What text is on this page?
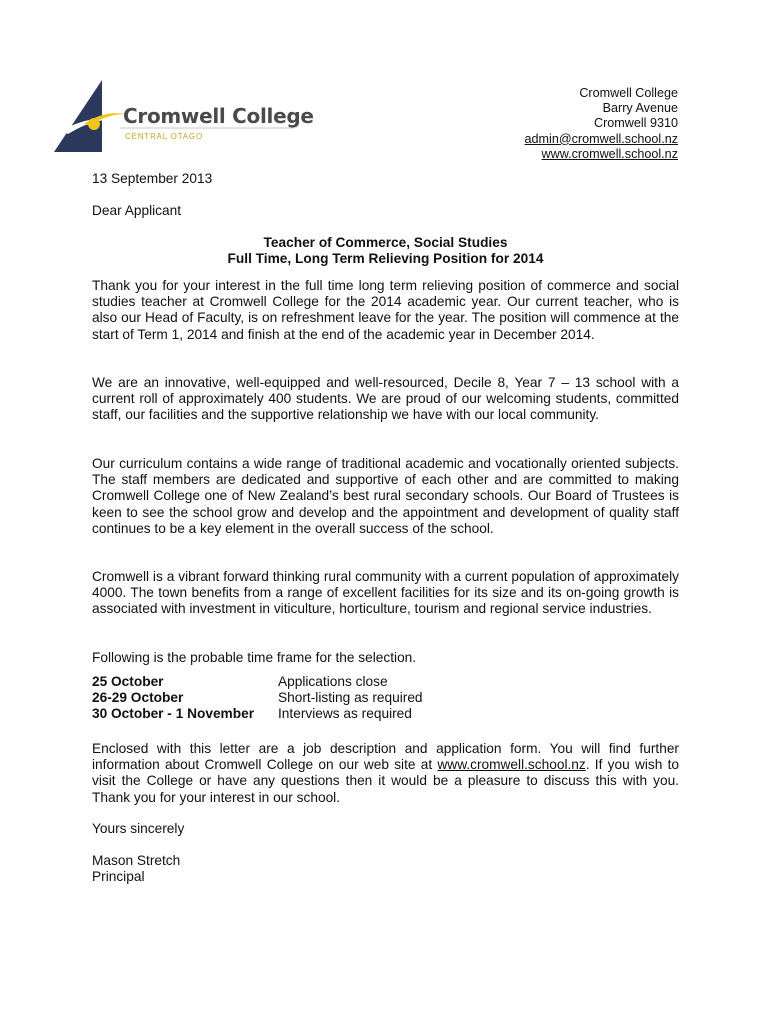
Cromwell College
CENTRAL OTAGO
Cromwell College
Barry Avenue
Cromwell 9310
admin@cromwell.school.nz
www.cromwell.school.nz
13 September 2013
Dear Applicant
Teacher of Commerce, Social Studies
Full Time, Long Term Relieving Position for 2014
Thank you for your interest in the full time long term relieving position of commerce and social studies teacher at Cromwell College for the 2014 academic year. Our current teacher, who is also our Head of Faculty, is on refreshment leave for the year. The position will commence at the start of Term 1, 2014 and finish at the end of the academic year in December 2014.
We are an innovative, well-equipped and well-resourced, Decile 8, Year 7 – 13 school with a current roll of approximately 400 students. We are proud of our welcoming students, committed staff, our facilities and the supportive relationship we have with our local community.
Our curriculum contains a wide range of traditional academic and vocationally oriented subjects. The staff members are dedicated and supportive of each other and are committed to making Cromwell College one of New Zealand’s best rural secondary schools. Our Board of Trustees is keen to see the school grow and develop and the appointment and development of quality staff continues to be a key element in the overall success of the school.
Cromwell is a vibrant forward thinking rural community with a current population of approximately 4000. The town benefits from a range of excellent facilities for its size and its on-going growth is associated with investment in viticulture, horticulture, tourism and regional service industries.
Following is the probable time frame for the selection.
25 October	Applications close
26-29 October	Short-listing as required
30 October - 1 November	Interviews as required
Enclosed with this letter are a job description and application form. You will find further information about Cromwell College on our web site at www.cromwell.school.nz. If you wish to visit the College or have any questions then it would be a pleasure to discuss this with you. Thank you for your interest in our school.
Yours sincerely
Mason Stretch
Principal
